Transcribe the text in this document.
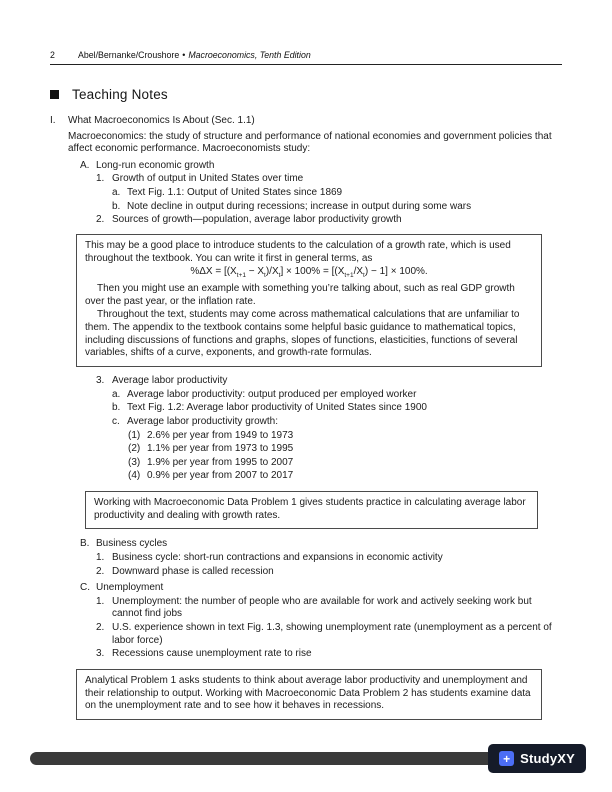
2	Abel/Bernanke/Croushore • Macroeconomics, Tenth Edition
Teaching Notes
I.	What Macroeconomics Is About (Sec. 1.1)

Macroeconomics: the study of structure and performance of national economies and government policies that affect economic performance. Macroeconomists study:

A. Long-run economic growth
1. Growth of output in United States over time
a. Text Fig. 1.1: Output of United States since 1869
b. Note decline in output during recessions; increase in output during some wars
2. Sources of growth—population, average labor productivity growth

This may be a good place to introduce students to the calculation of a growth rate, which is used throughout the textbook. You can write it first in general terms, as

$\%\Delta X = [(X_{t+1} - X_t)/X_t] \times 100\% = [(X_{t+1}/X_t) - 1] \times 100\%$.

Then you might use an example with something you’re talking about, such as real GDP growth over the past year, or the inflation rate.

Throughout the text, students may come across mathematical calculations that are unfamiliar to them. The appendix to the textbook contains some helpful basic guidance to mathematical topics, including discussions of functions and graphs, slopes of functions, elasticities, functions of several variables, shifts of a curve, exponents, and growth-rate formulas.

3. Average labor productivity
a. Average labor productivity: output produced per employed worker
b. Text Fig. 1.2: Average labor productivity of United States since 1900
c. Average labor productivity growth:
(1) 2.6% per year from 1949 to 1973
(2) 1.1% per year from 1973 to 1995
(3) 1.9% per year from 1995 to 2007
(4) 0.9% per year from 2007 to 2017

Working with Macroeconomic Data Problem 1 gives students practice in calculating average labor productivity and dealing with growth rates.

B. Business cycles
1. Business cycle: short-run contractions and expansions in economic activity
2. Downward phase is called recession
C. Unemployment
1. Unemployment: the number of people who are available for work and actively seeking work but cannot find jobs
2. U.S. experience shown in text Fig. 1.3, showing unemployment rate (unemployment as a percent of labor force)
3. Recessions cause unemployment rate to rise

Analytical Problem 1 asks students to think about average labor productivity and unemployment and their relationship to output. Working with Macroeconomic Data Problem 2 has students examine data on the unemployment rate and to see how it behaves in recessions.

+ StudyXY
